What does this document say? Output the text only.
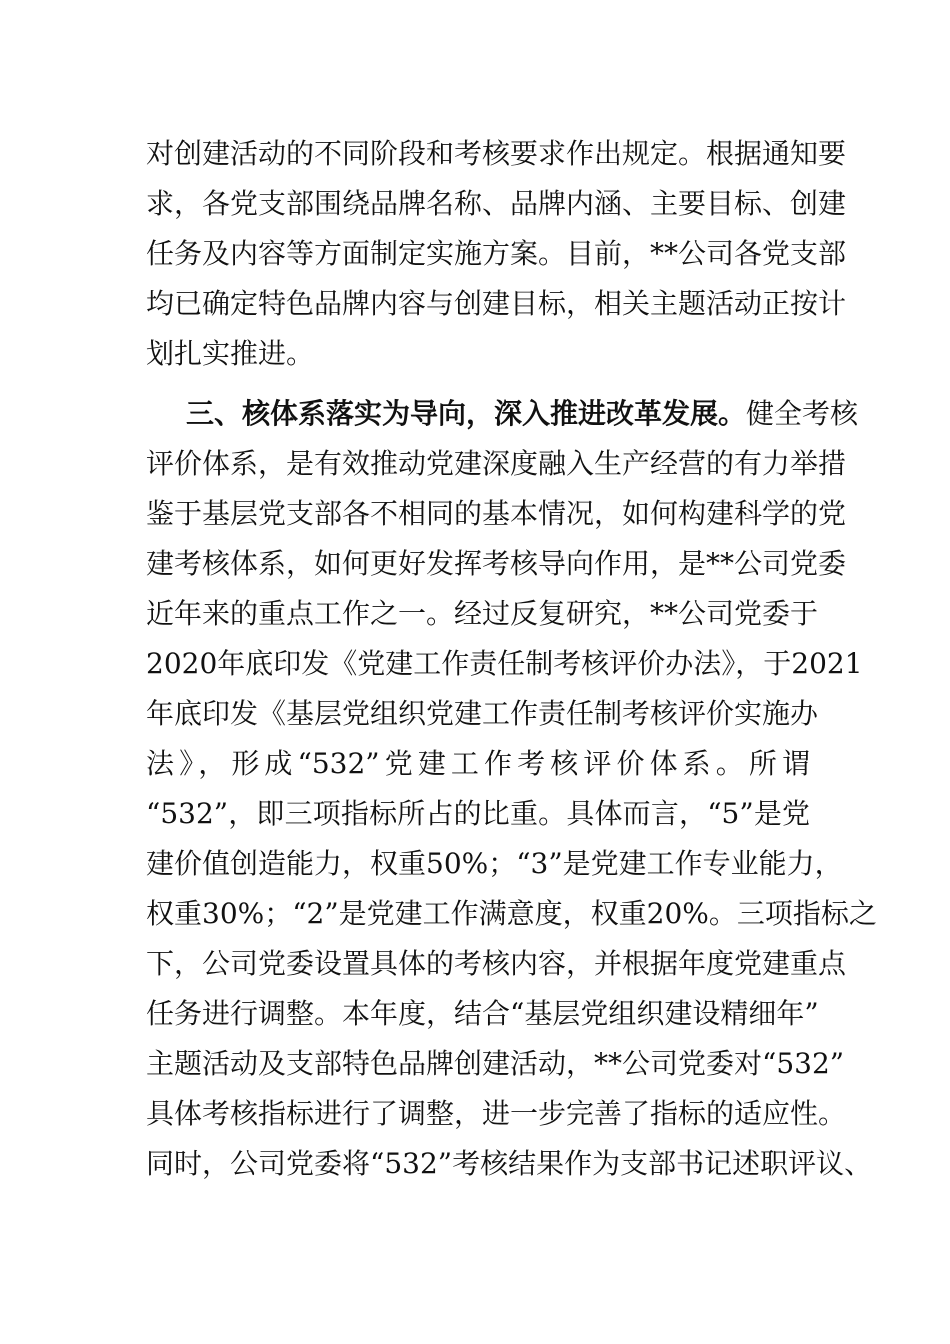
对创建活动的不同阶段和考核要求作出规定。根据通知要
求，各党支部围绕品牌名称、品牌内涵、主要目标、创建
任务及内容等方面制定实施方案。目前，**公司各党支部
均已确定特色品牌内容与创建目标，相关主题活动正按计
划扎实推进。
三、核体系落实为导向，深入推进改革发展。健全考核
评价体系，是有效推动党建深度融入生产经营的有力举措
鉴于基层党支部各不相同的基本情况，如何构建科学的党
建考核体系，如何更好发挥考核导向作用，是**公司党委
近年来的重点工作之一。经过反复研究，**公司党委于
2020年底印发《党建工作责任制考核评价办法》，于2021
年底印发《基层党组织党建工作责任制考核评价实施办
法》，形成“532”党建工作考核评价体系。所谓
“532”，即三项指标所占的比重。具体而言，“5”是党
建价值创造能力，权重50%；“3”是党建工作专业能力，
权重30%；“2”是党建工作满意度，权重20%。三项指标之
下，公司党委设置具体的考核内容，并根据年度党建重点
任务进行调整。本年度，结合“基层党组织建设精细年”
主题活动及支部特色品牌创建活动，**公司党委对“532”
具体考核指标进行了调整，进一步完善了指标的适应性。
同时，公司党委将“532”考核结果作为支部书记述职评议、
